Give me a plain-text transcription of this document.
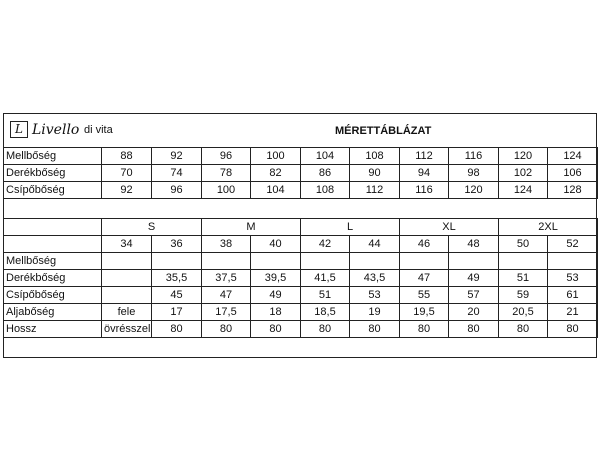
L Livello di vita	MÉRETTÁBLÁZAT
Mellbőség	88	92	96	100	104	108	112	116	120	124
Derékbőség	70	74	78	82	86	90	94	98	102	106
Csípőbőség	92	96	100	104	108	112	116	120	124	128

	S		M		L		XL		2XL	
	34	36	38	40	42	44	46	48	50	52
Mellbőség										
Derékbőség		35,5	37,5	39,5	41,5	43,5	47	49	51	53
Csípőbőség		45	47	49	51	53	55	57	59	61
Aljabőség	fele	17	17,5	18	18,5	19	19,5	20	20,5	21
Hossz	övrésszel	80	80	80	80	80	80	80	80	80
